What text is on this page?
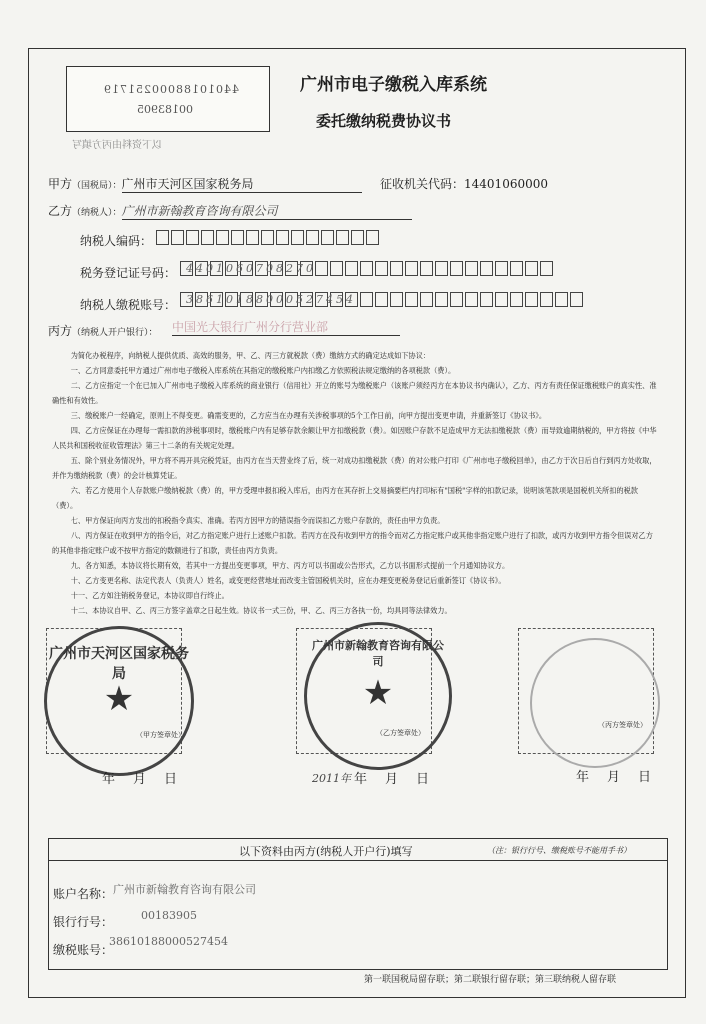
44010188000251719
00183905
以下资料由丙方填写
广州市电子缴税入库系统
委托缴纳税费协议书
甲方（国税局）：广州市天河区国家税务局	征收机关代码：14401060000
乙方（纳税人）：广州市新翰教育咨询有限公司
纳税人编码：
税务登记证号码： 4401060708270
纳税人缴税账号： 38610188000527454
丙方（纳税人开户银行）： 中国光大银行广州分行营业部

为简化办税程序，向纳税人提供优质、高效的服务，甲、乙、丙三方就税款（费）缴纳方式的确定达成如下协议：

一、乙方同意委托甲方通过广州市电子缴税入库系统在其指定的缴税账户内扣缴乙方依照税法规定缴纳的各项税款（费）。

二、乙方应指定一个在已加入广州市电子缴税入库系统的商业银行（信用社）开立的账号为缴税账户（该账户须经丙方在本协议书内确认），乙方、丙方有责任保证缴税账户的真实性、准确性和有效性。

三、缴税账户一经确定，原则上不得变更。确需变更的，乙方应当在办理有关涉税事项的5个工作日前，向甲方提出变更申请，并重新签订《协议书》。

四、乙方应保证在办理每一需扣款的涉税事项时，缴税账户内有足够存款余额让甲方扣缴税款（费）。如因账户存款不足造成甲方无法扣缴税款（费）而导致逾期纳税的，甲方将按《中华人民共和国税收征收管理法》第三十二条的有关规定处理。

五、除个别业务情况外，甲方将不再开具完税凭证，由丙方在当天营业终了后，统一对成功扣缴税款（费）的对公账户打印《广州市电子缴税回单》，由乙方于次日后自行到丙方处收取，并作为缴纳税款（费）的会计核算凭证。

六、若乙方使用个人存款账户缴纳税款（费）的，甲方受理申报扣税入库后，由丙方在其存折上交易摘要栏内打印标有"国税"字样的扣款记录，说明该笔款项是国税机关所扣的税款（费）。

七、甲方保证向丙方发出的扣税指令真实、准确。若丙方因甲方的错误指令而误扣乙方账户存款的，责任由甲方负责。

八、丙方保证在收到甲方的指令后，对乙方指定账户进行上述账户扣款。若丙方在没有收到甲方的指令而对乙方指定账户或其他非指定账户进行了扣款，或丙方收到甲方指令但误对乙方的其他非指定账户或不按甲方指定的数额进行了扣款，责任由丙方负责。

九、各方知悉，本协议将长期有效，若其中一方提出变更事项，甲方、丙方可以书面或公告形式，乙方以书面形式提前一个月通知协议方。

十、乙方变更名称、法定代表人（负责人）姓名，或变更经营地址而改变主管国税机关时，应在办理变更税务登记后重新签订《协议书》。

十一、乙方如注销税务登记，本协议即自行终止。

十二、本协议自甲、乙、丙三方签字盖章之日起生效。协议书一式三份，甲、乙、丙三方各执一份，均具同等法律效力。

广州市天河区国家税务局
★
（甲方签章处）
年月日
广州市新翰教育咨询有限公司
★
（乙方签章处）
2011年 年月日
（丙方签章处）
年月日
以下资料由丙方(纳税人开户行)填写	（注：银行行号、缴税账号不能用手书）
账户名称： 广州市新翰教育咨询有限公司
银行行号：	00183905
缴税账号：
38610188000527454
第一联国税局留存联；第二联银行留存联；第三联纳税人留存联
